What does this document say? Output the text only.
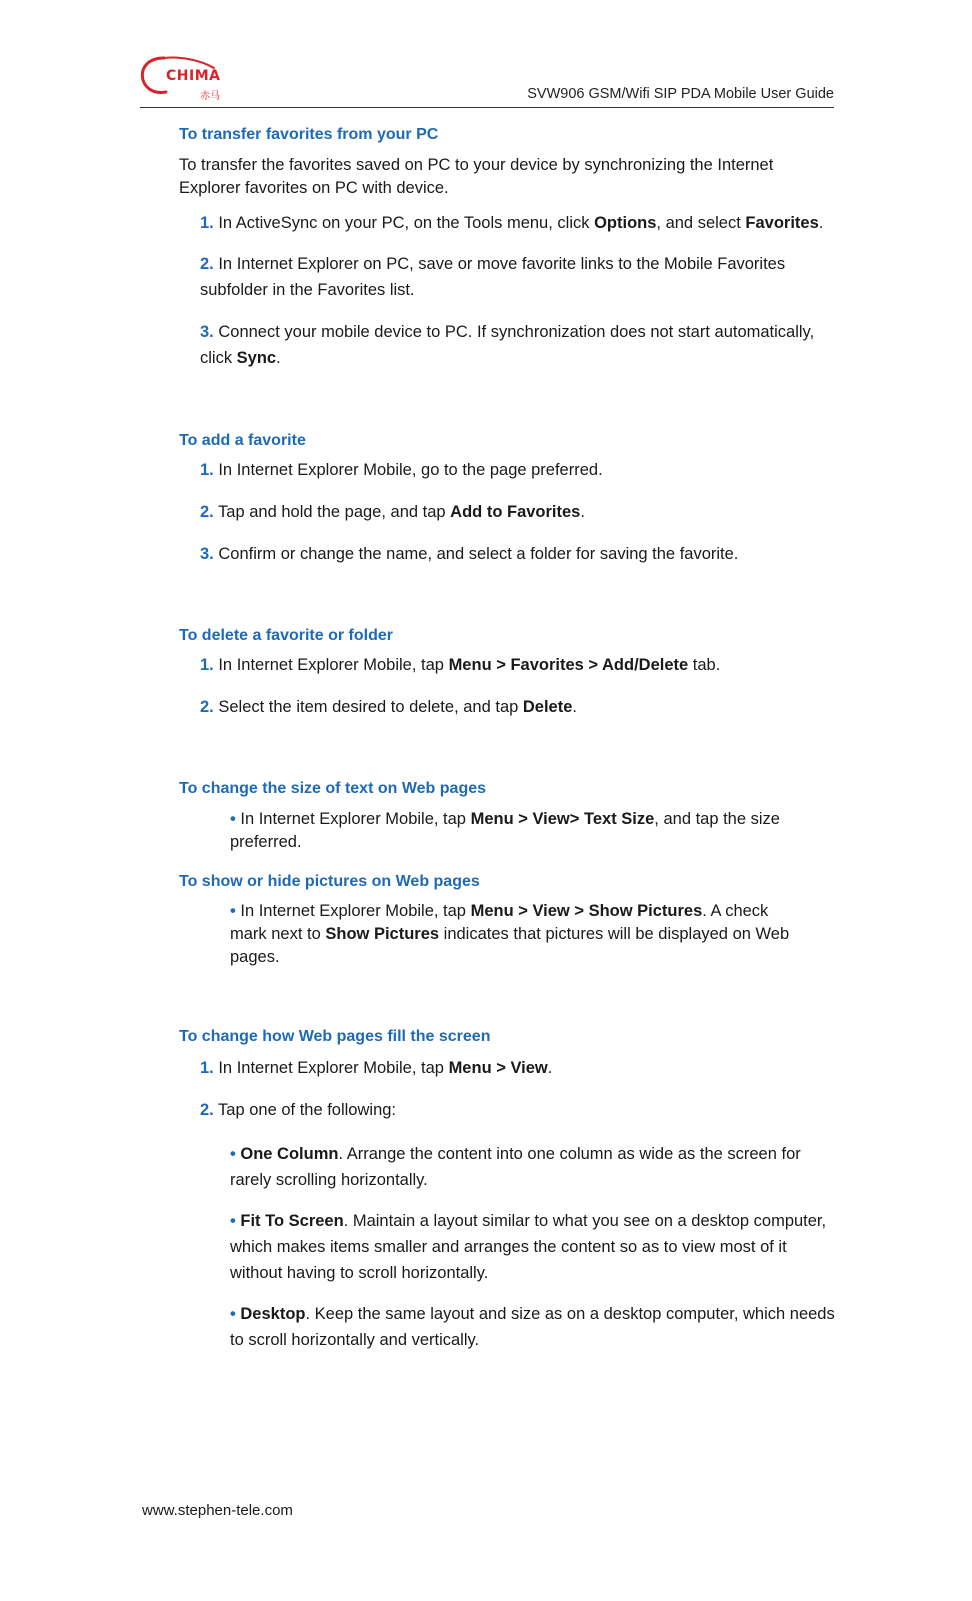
CHIMA
赤马	SVW906 GSM/Wifi SIP PDA Mobile User Guide
To transfer favorites from your PC

To transfer the favorites saved on PC to your device by synchronizing the Internet Explorer favorites on PC with device.

1. In ActiveSync on your PC, on the Tools menu, click Options, and select Favorites.

2. In Internet Explorer on PC, save or move favorite links to the Mobile Favorites subfolder in the Favorites list.

3. Connect your mobile device to PC. If synchronization does not start automatically, click Sync.

To add a favorite

1. In Internet Explorer Mobile, go to the page preferred.

2. Tap and hold the page, and tap Add to Favorites.

3. Confirm or change the name, and select a folder for saving the favorite.

To delete a favorite or folder

1. In Internet Explorer Mobile, tap Menu > Favorites > Add/Delete tab.

2. Select the item desired to delete, and tap Delete.

To change the size of text on Web pages

• In Internet Explorer Mobile, tap Menu > View> Text Size, and tap the size preferred.

To show or hide pictures on Web pages

• In Internet Explorer Mobile, tap Menu > View > Show Pictures. A check mark next to Show Pictures indicates that pictures will be displayed on Web pages.

To change how Web pages fill the screen

1. In Internet Explorer Mobile, tap Menu > View.

2. Tap one of the following:

• One Column. Arrange the content into one column as wide as the screen for rarely scrolling horizontally.

• Fit To Screen. Maintain a layout similar to what you see on a desktop computer, which makes items smaller and arranges the content so as to view most of it without having to scroll horizontally.

• Desktop. Keep the same layout and size as on a desktop computer, which needs to scroll horizontally and vertically.

www.stephen-tele.com
